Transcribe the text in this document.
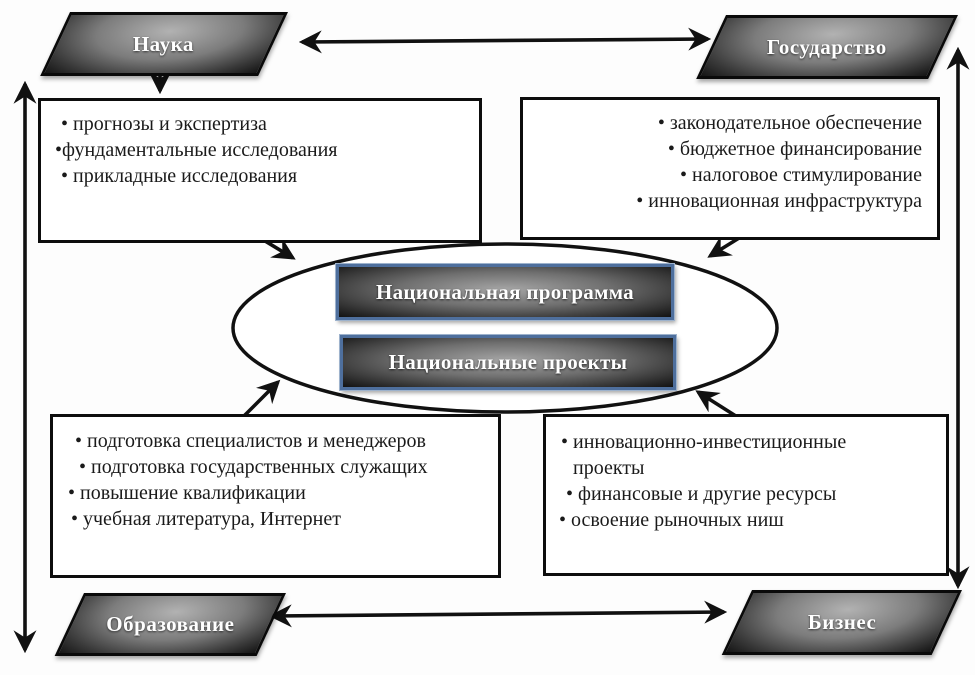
Наука	Государство
Образование	Бизнес
• прогнозы и экспертиза
•фундаментальные исследования
• прикладные исследования
• законодательное обеспечение
• бюджетное финансирование
• налоговое стимулирование
• инновационная инфраструктура
• подготовка специалистов и менеджеров
• подготовка государственных служащих
• повышение квалификации
• учебная литература, Интернет
• инновационно-инвестиционные
проекты
• финансовые и другие ресурсы
• освоение рыночных ниш
Национальная программа
Национальные проекты
